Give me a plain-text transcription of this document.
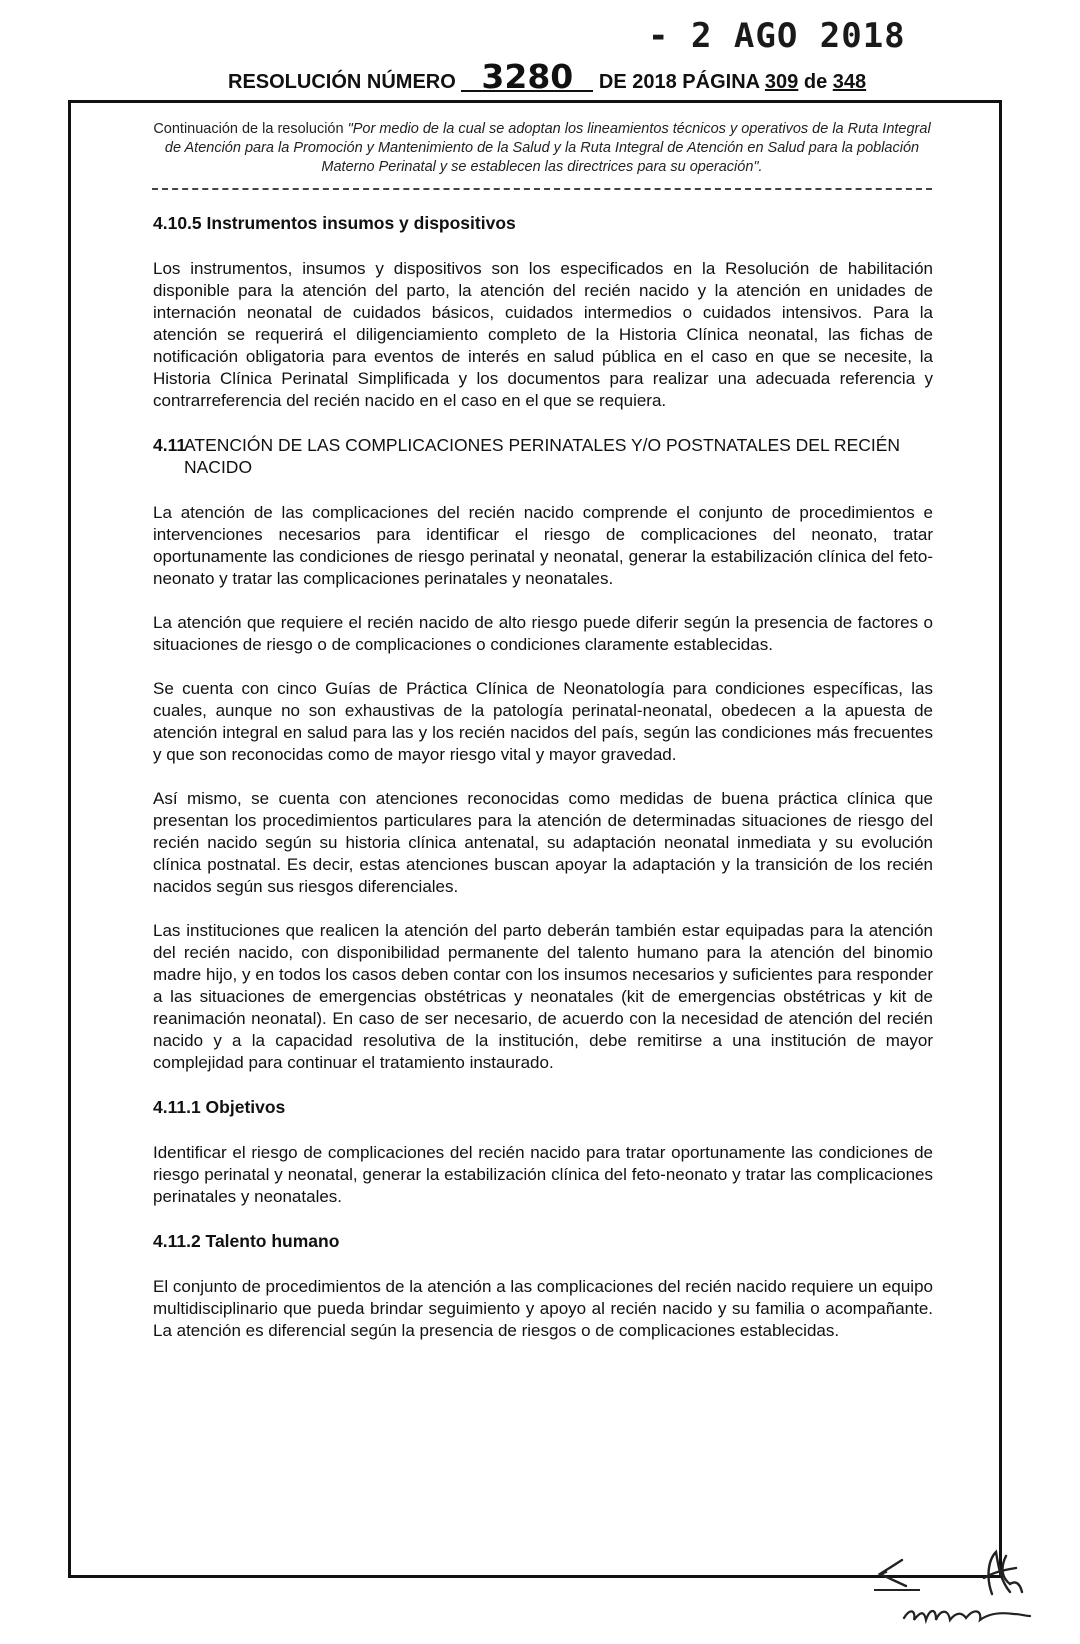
- 2 AGO 2018
RESOLUCIÓN NÚMERO 3280 DE 2018 PÁGINA 309 de 348
Continuación de la resolución "Por medio de la cual se adoptan los lineamientos técnicos y operativos de la Ruta Integral de Atención para la Promoción y Mantenimiento de la Salud y la Ruta Integral de Atención en Salud para la población Materno Perinatal y se establecen las directrices para su operación".
4.10.5 Instrumentos insumos y dispositivos

Los instrumentos, insumos y dispositivos son los especificados en la Resolución de habilitación disponible para la atención del parto, la atención del recién nacido y la atención en unidades de internación neonatal de cuidados básicos, cuidados intermedios o cuidados intensivos. Para la atención se requerirá el diligenciamiento completo de la Historia Clínica neonatal, las fichas de notificación obligatoria para eventos de interés en salud pública en el caso en que se necesite, la Historia Clínica Perinatal Simplificada y los documentos para realizar una adecuada referencia y contrarreferencia del recién nacido en el caso en el que se requiera.

4.11
ATENCIÓN DE LAS COMPLICACIONES PERINATALES Y/O POSTNATALES DEL RECIÉN NACIDO

La atención de las complicaciones del recién nacido comprende el conjunto de procedimientos e intervenciones necesarios para identificar el riesgo de complicaciones del neonato, tratar oportunamente las condiciones de riesgo perinatal y neonatal, generar la estabilización clínica del feto-neonato y tratar las complicaciones perinatales y neonatales.

La atención que requiere el recién nacido de alto riesgo puede diferir según la presencia de factores o situaciones de riesgo o de complicaciones o condiciones claramente establecidas.

Se cuenta con cinco Guías de Práctica Clínica de Neonatología para condiciones específicas, las cuales, aunque no son exhaustivas de la patología perinatal-neonatal, obedecen a la apuesta de atención integral en salud para las y los recién nacidos del país, según las condiciones más frecuentes y que son reconocidas como de mayor riesgo vital y mayor gravedad.

Así mismo, se cuenta con atenciones reconocidas como medidas de buena práctica clínica que presentan los procedimientos particulares para la atención de determinadas situaciones de riesgo del recién nacido según su historia clínica antenatal, su adaptación neonatal inmediata y su evolución clínica postnatal. Es decir, estas atenciones buscan apoyar la adaptación y la transición de los recién nacidos según sus riesgos diferenciales.

Las instituciones que realicen la atención del parto deberán también estar equipadas para la atención del recién nacido, con disponibilidad permanente del talento humano para la atención del binomio madre hijo, y en todos los casos deben contar con los insumos necesarios y suficientes para responder a las situaciones de emergencias obstétricas y neonatales (kit de emergencias obstétricas y kit de reanimación neonatal). En caso de ser necesario, de acuerdo con la necesidad de atención del recién nacido y a la capacidad resolutiva de la institución, debe remitirse a una institución de mayor complejidad para continuar el tratamiento instaurado.

4.11.1 Objetivos

Identificar el riesgo de complicaciones del recién nacido para tratar oportunamente las condiciones de riesgo perinatal y neonatal, generar la estabilización clínica del feto-neonato y tratar las complicaciones perinatales y neonatales.

4.11.2 Talento humano

El conjunto de procedimientos de la atención a las complicaciones del recién nacido requiere un equipo multidisciplinario que pueda brindar seguimiento y apoyo al recién nacido y su familia o acompañante. La atención es diferencial según la presencia de riesgos o de complicaciones establecidas.
